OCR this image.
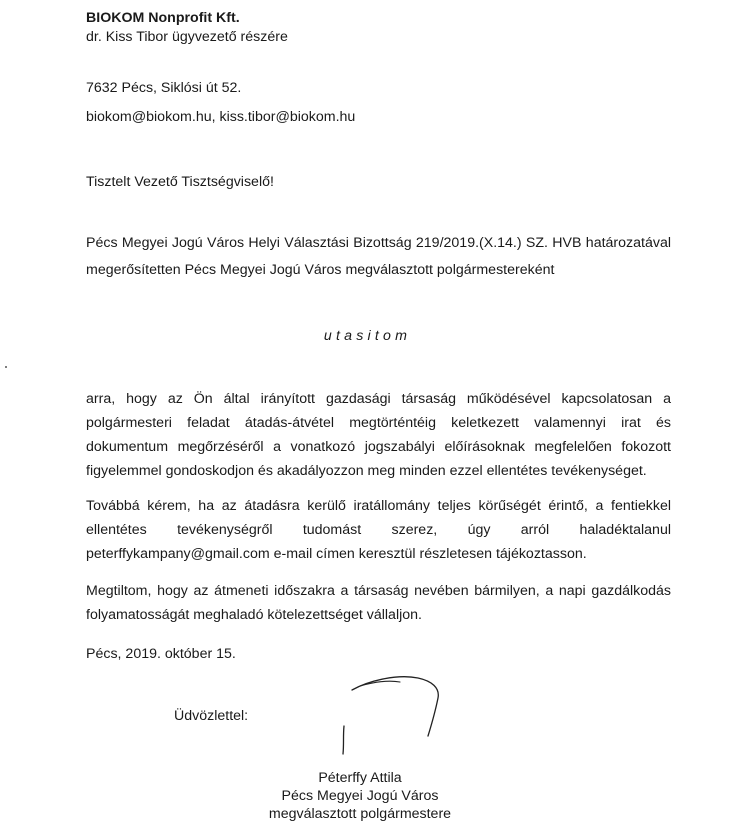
BIOKOM Nonprofit Kft.
dr. Kiss Tibor ügyvezető részére
7632 Pécs, Siklósi út 52.
biokom@biokom.hu, kiss.tibor@biokom.hu
Tisztelt Vezető Tisztségviselő!
Pécs Megyei Jogú Város Helyi Választási Bizottság 219/2019.(X.14.) SZ. HVB határozatával
megerősítetten Pécs Megyei Jogú Város megválasztott polgármestereként
utasitom
arra, hogy az Ön által irányított gazdasági társaság működésével kapcsolatosan a
polgármesteri feladat átadás-átvétel megtörténtéig keletkezett valamennyi irat és
dokumentum megőrzéséről a vonatkozó jogszabályi előírásoknak megfelelően fokozott
figyelemmel gondoskodjon és akadályozzon meg minden ezzel ellentétes tevékenységet.
Továbbá kérem, ha az átadásra kerülő iratállomány teljes körűségét érintő, a fentiekkel
ellentétes tevékenységről tudomást szerez, úgy arról haladéktalanul
peterffykampany@gmail.com e-mail címen keresztül részletesen tájékoztasson.
Megtiltom, hogy az átmeneti időszakra a társaság nevében bármilyen, a napi gazdálkodás
folyamatosságát meghaladó kötelezettséget vállaljon.
Pécs, 2019. október 15.
Üdvözlettel:
Péterffy Attila
Pécs Megyei Jogú Város
megválasztott polgármestere
